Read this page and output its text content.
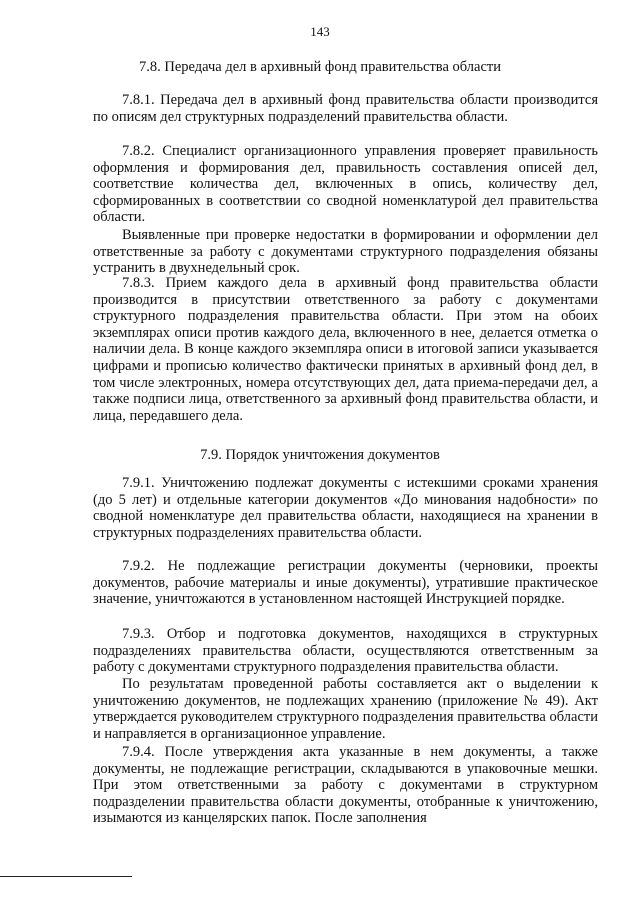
143
7.8. Передача дел в архивный фонд правительства области

7.8.1. Передача дел в архивный фонд правительства области производится по описям дел структурных подразделений правительства области.

7.8.2. Специалист организационного управления проверяет правильность оформления и формирования дел, правильность составления описей дел, соответствие количества дел, включенных в опись, количеству дел, сформированных в соответствии со сводной номенклатурой дел правительства области.

Выявленные при проверке недостатки в формировании и оформлении дел ответственные за работу с документами структурного подразделения обязаны устранить в двухнедельный срок.

7.8.3. Прием каждого дела в архивный фонд правительства области производится в присутствии ответственного за работу с документами структурного подразделения правительства области. При этом на обоих экземплярах описи против каждого дела, включенного в нее, делается отметка о наличии дела. В конце каждого экземпляра описи в итоговой записи указывается цифрами и прописью количество фактически принятых в архивный фонд дел, в том числе электронных, номера отсутствующих дел, дата приема-передачи дел, а также подписи лица, ответственного за архивный фонд правительства области, и лица, передавшего дела.

7.9. Порядок уничтожения документов

7.9.1. Уничтожению подлежат документы с истекшими сроками хранения (до 5 лет) и отдельные категории документов «До минования надобности» по сводной номенклатуре дел правительства области, находящиеся на хранении в структурных подразделениях правительства области.

7.9.2. Не подлежащие регистрации документы (черновики, проекты документов, рабочие материалы и иные документы), утратившие практическое значение, уничтожаются в установленном настоящей Инструкцией порядке.

7.9.3. Отбор и подготовка документов, находящихся в структурных подразделениях правительства области, осуществляются ответственным за работу с документами структурного подразделения правительства области.

По результатам проведенной работы составляется акт о выделении к уничтожению документов, не подлежащих хранению (приложение № 49). Акт утверждается руководителем структурного подразделения правительства области и направляется в организационное управление.

7.9.4. После утверждения акта указанные в нем документы, а также документы, не подлежащие регистрации, складываются в упаковочные мешки. При этом ответственными за работу с документами в структурном подразделении правительства области документы, отобранные к уничтожению, изымаются из канцелярских папок. После заполнения
